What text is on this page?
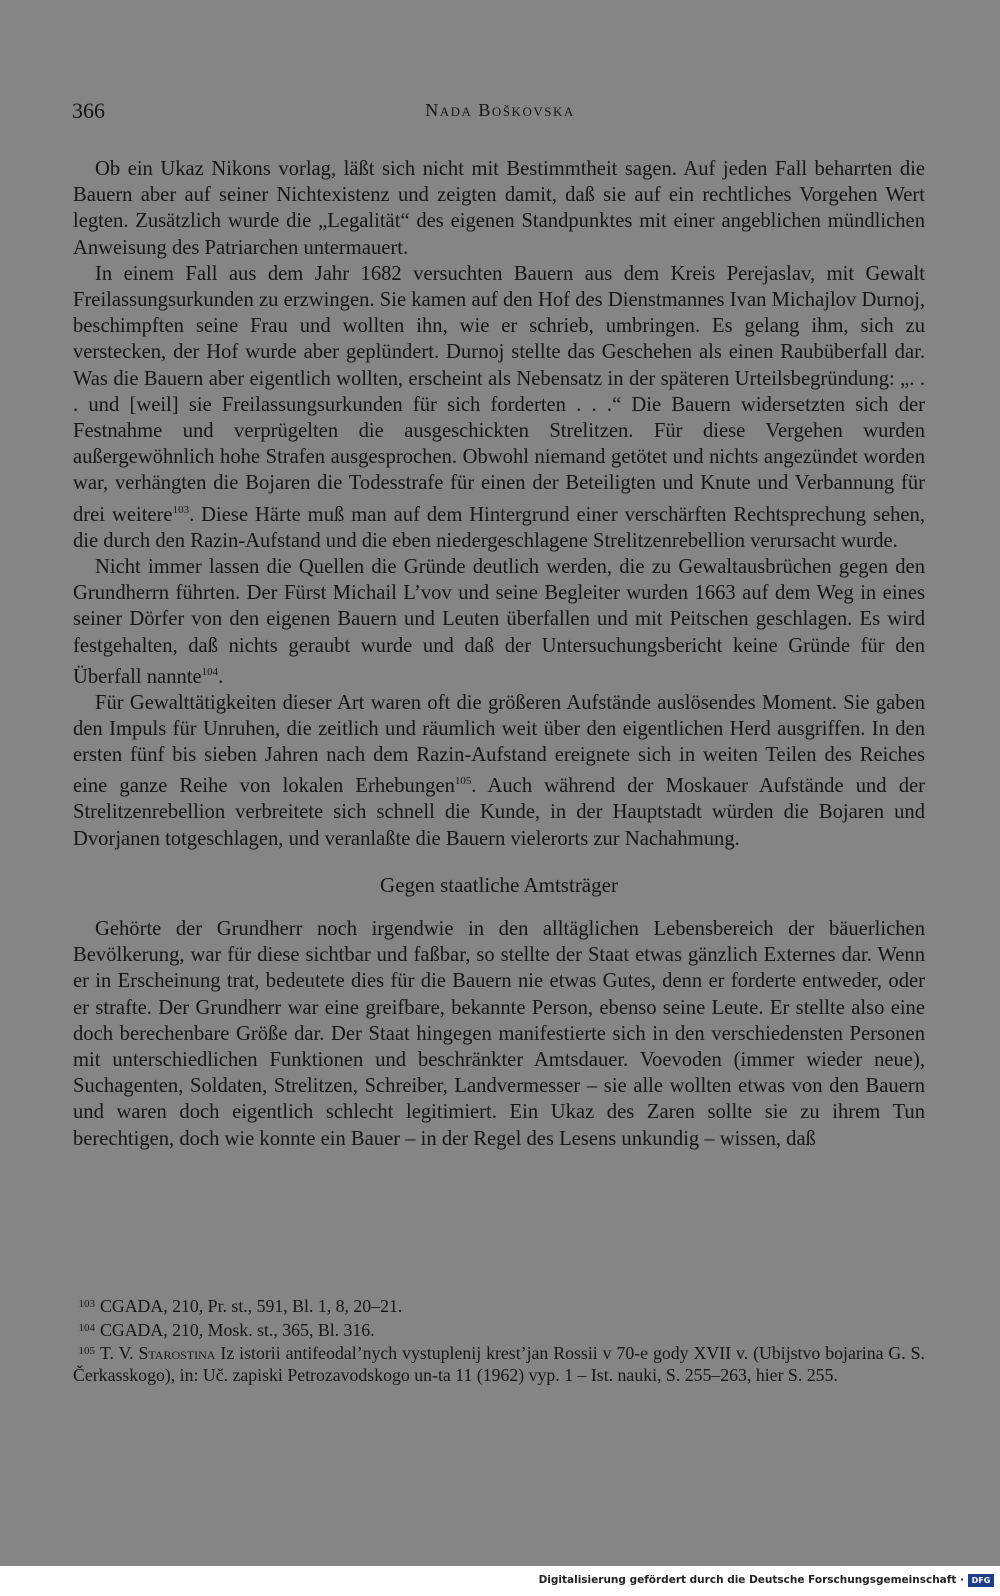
366	Nada Boškovska

Ob ein Ukaz Nikons vorlag, läßt sich nicht mit Bestimmtheit sagen. Auf jeden Fall beharrten die Bauern aber auf seiner Nichtexistenz und zeigten damit, daß sie auf ein rechtliches Vorgehen Wert legten. Zusätzlich wurde die „Legalität“ des eigenen Standpunktes mit einer angeblichen mündlichen Anweisung des Patriarchen untermauert.

In einem Fall aus dem Jahr 1682 versuchten Bauern aus dem Kreis Perejaslav, mit Gewalt Freilassungsurkunden zu erzwingen. Sie kamen auf den Hof des Dienstmannes Ivan Michajlov Durnoj, beschimpften seine Frau und wollten ihn, wie er schrieb, umbringen. Es gelang ihm, sich zu verstecken, der Hof wurde aber geplündert. Durnoj stellte das Geschehen als einen Raubüberfall dar. Was die Bauern aber eigentlich wollten, erscheint als Nebensatz in der späteren Urteilsbegründung: „. . . und [weil] sie Freilassungsurkunden für sich forderten . . .“ Die Bauern widersetzten sich der Festnahme und verprügelten die ausgeschickten Strelitzen. Für diese Vergehen wurden außergewöhnlich hohe Strafen ausgesprochen. Obwohl niemand getötet und nichts angezündet worden war, verhängten die Bojaren die Todesstrafe für einen der Beteiligten und Knute und Verbannung für drei weitere$^{103}$. Diese Härte muß man auf dem Hintergrund einer verschärften Rechtsprechung sehen, die durch den Razin-Aufstand und die eben niedergeschlagene Strelitzenrebellion verursacht wurde.

Nicht immer lassen die Quellen die Gründe deutlich werden, die zu Gewaltausbrüchen gegen den Grundherrn führten. Der Fürst Michail L’vov und seine Begleiter wurden 1663 auf dem Weg in eines seiner Dörfer von den eigenen Bauern und Leuten überfallen und mit Peitschen geschlagen. Es wird festgehalten, daß nichts geraubt wurde und daß der Untersuchungsbericht keine Gründe für den Überfall nannte$^{104}$.

Für Gewalttätigkeiten dieser Art waren oft die größeren Aufstände auslösendes Moment. Sie gaben den Impuls für Unruhen, die zeitlich und räumlich weit über den eigentlichen Herd ausgriffen. In den ersten fünf bis sieben Jahren nach dem Razin-Aufstand ereignete sich in weiten Teilen des Reiches eine ganze Reihe von lokalen Erhebungen$^{105}$. Auch während der Moskauer Aufstände und der Strelitzenrebellion verbreitete sich schnell die Kunde, in der Hauptstadt würden die Bojaren und Dvorjanen totgeschlagen, und veranlaßte die Bauern vielerorts zur Nachahmung.

Gegen staatliche Amtsträger

Gehörte der Grundherr noch irgendwie in den alltäglichen Lebensbereich der bäuerlichen Bevölkerung, war für diese sichtbar und faßbar, so stellte der Staat etwas gänzlich Externes dar. Wenn er in Erscheinung trat, bedeutete dies für die Bauern nie etwas Gutes, denn er forderte entweder, oder er strafte. Der Grundherr war eine greifbare, bekannte Person, ebenso seine Leute. Er stellte also eine doch berechenbare Größe dar. Der Staat hingegen manifestierte sich in den verschiedensten Personen mit unterschiedlichen Funktionen und beschränkter Amtsdauer. Voevoden (immer wieder neue), Suchagenten, Soldaten, Strelitzen, Schreiber, Landvermesser – sie alle wollten etwas von den Bauern und waren doch eigentlich schlecht legitimiert. Ein Ukaz des Zaren sollte sie zu ihrem Tun berechtigen, doch wie konnte ein Bauer – in der Regel des Lesens unkundig – wissen, daß

103 CGADA, 210, Pr. st., 591, Bl. 1, 8, 20–21.
104 CGADA, 210, Mosk. st., 365, Bl. 316.
105 T. V. Starostina Iz istorii antifeodal’nych vystuplenij krest’jan Rossii v 70-e gody XVII v. (Ubijstvo bojarina G. S. Čerkasskogo), in: Uč. zapiski Petrozavodskogo un-ta 11 (1962) vyp. 1 – Ist. nauki, S. 255–263, hier S. 255.
Digitalisierung gefördert durch die Deutsche Forschungsgemeinschaft · DFG
